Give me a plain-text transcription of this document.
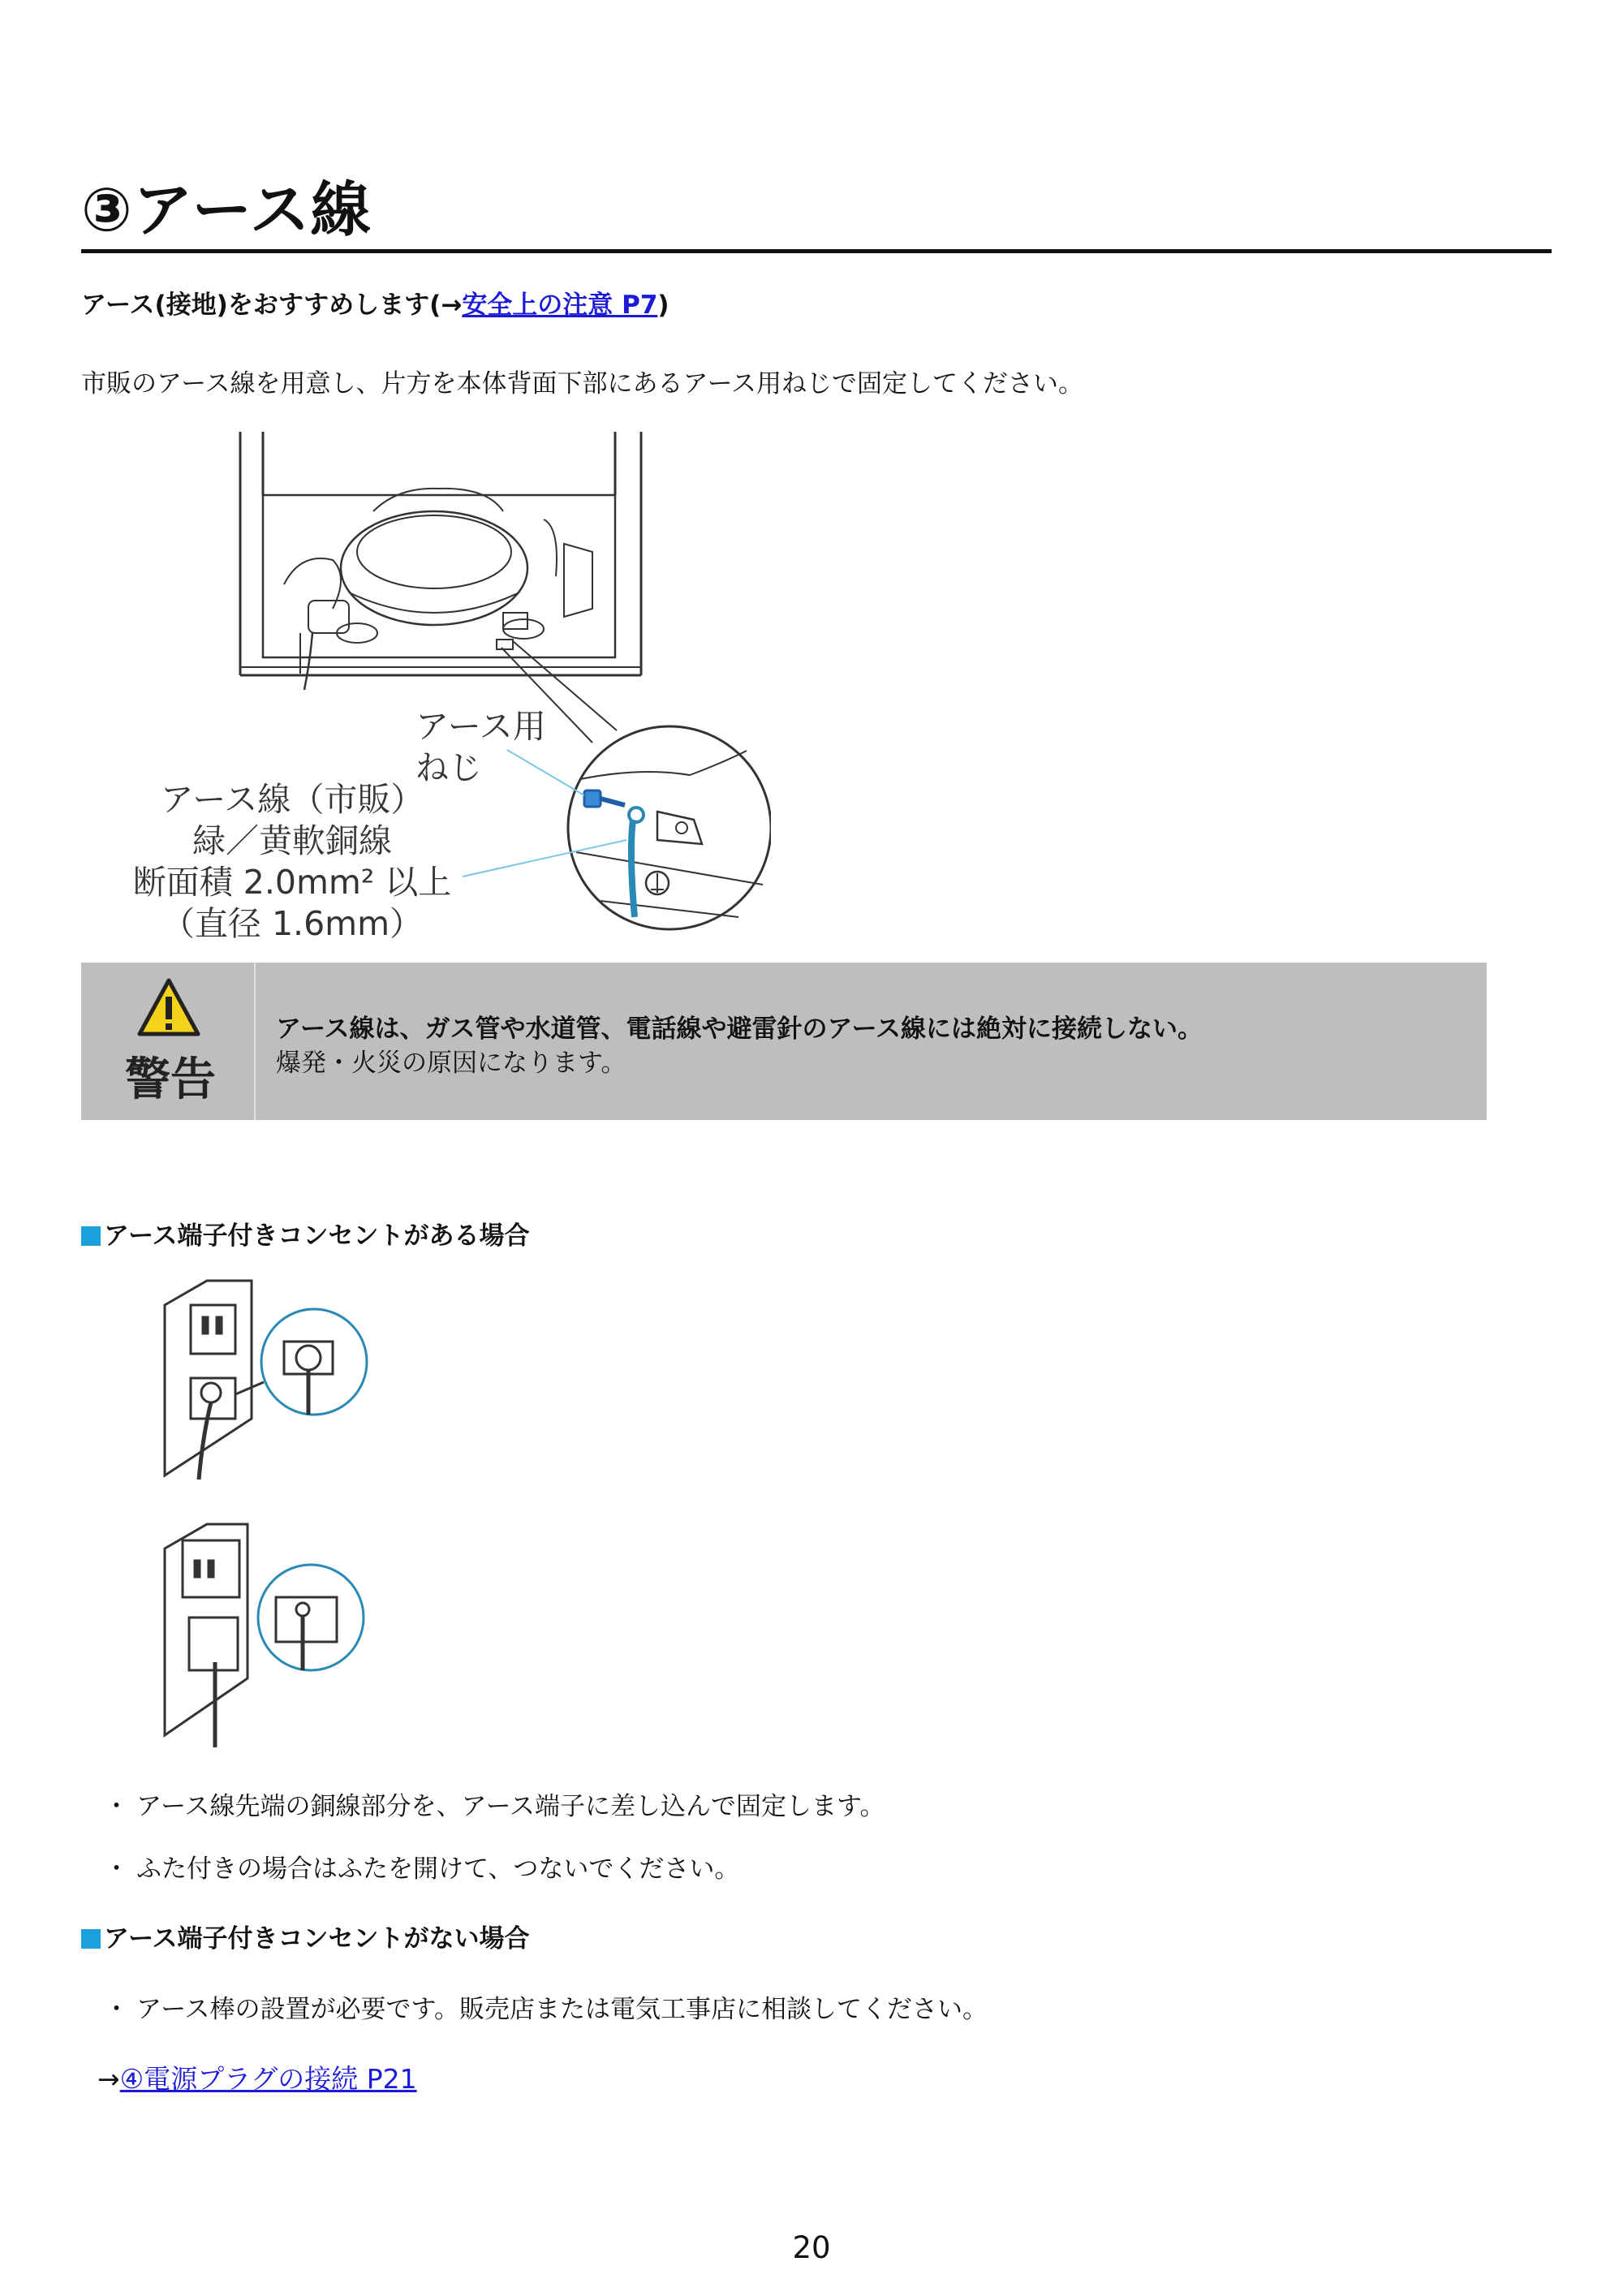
③アース線
アース(接地)をおすすめします(→安全上の注意 P7)
市販のアース線を用意し、片方を本体背面下部にあるアース用ねじで固定してください。
アース用
ねじ
アース線（市販）
緑／黄軟銅線
断面積 2.0mm² 以上
（直径 1.6mm）
警告
アース線は、ガス管や水道管、電話線や避雷針のアース線には絶対に接続しない。
爆発・火災の原因になります。
アース端子付きコンセントがある場合
・ アース線先端の銅線部分を、アース端子に差し込んで固定します。
・ ふた付きの場合はふたを開けて、つないでください。
アース端子付きコンセントがない場合
・ アース棒の設置が必要です。販売店または電気工事店に相談してください。
→④電源プラグの接続 P21
20
